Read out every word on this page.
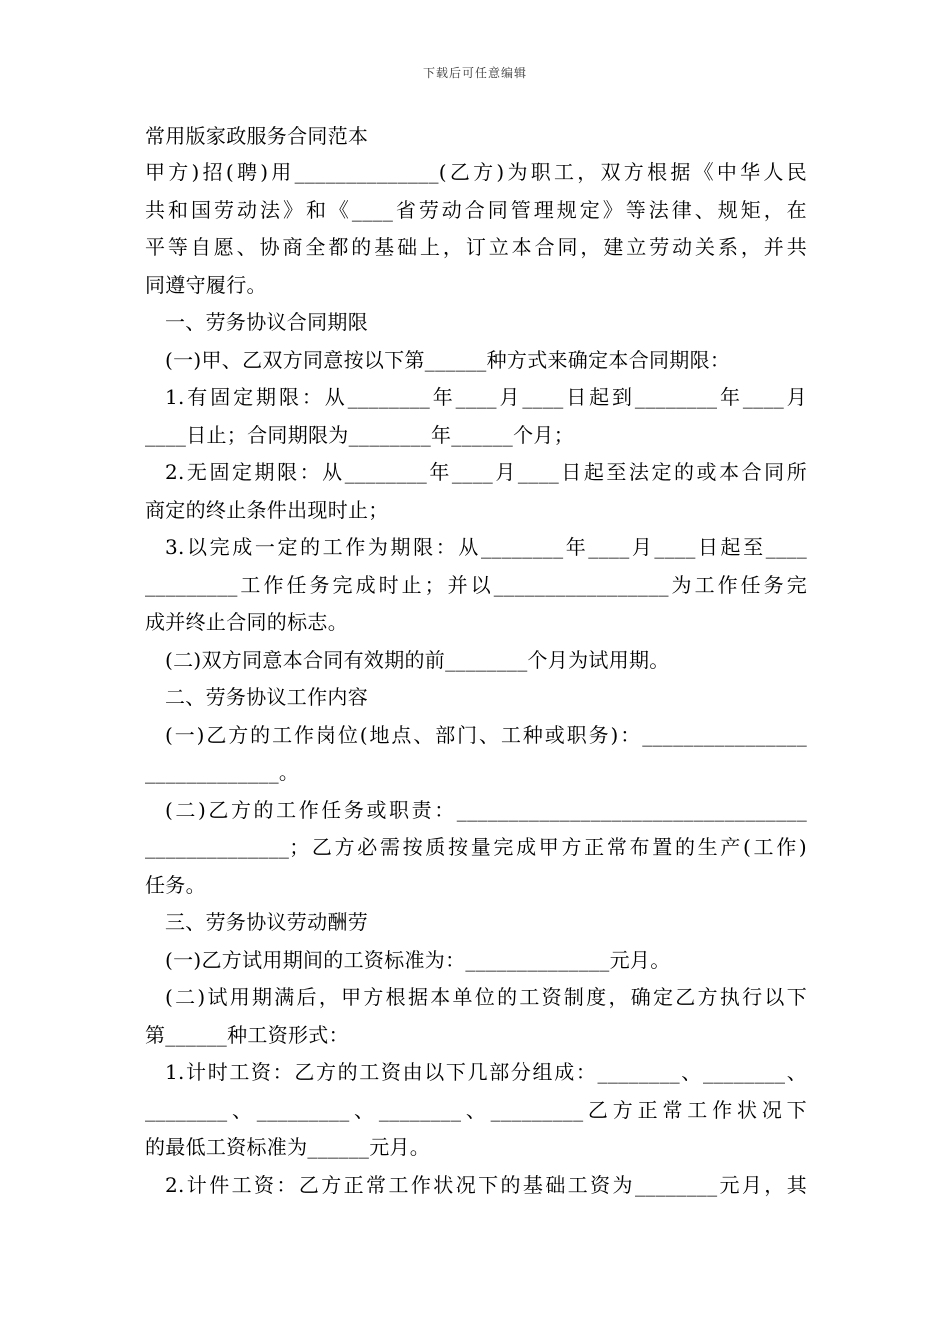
下载后可任意编辑
常用版家政服务合同范本
甲方)招(聘)用______________(乙方)为职工，双方根据《中华人民
共和国劳动法》和《____省劳动合同管理规定》等法律、规矩，在
平等自愿、协商全都的基础上，订立本合同，建立劳动关系，并共
同遵守履行。
一、劳务协议合同期限
(一)甲、乙双方同意按以下第______种方式来确定本合同期限：
1.有固定期限：从________年____月____日起到________年____月
____日止；合同期限为________年______个月；
2.无固定期限：从________年____月____日起至法定的或本合同所
商定的终止条件出现时止；
3.以完成一定的工作为期限：从________年____月____日起至____
_________工作任务完成时止；并以_________________为工作任务完
成并终止合同的标志。
(二)双方同意本合同有效期的前________个月为试用期。
二、劳务协议工作内容
(一)乙方的工作岗位(地点、部门、工种或职务)：________________
_____________。
(二)乙方的工作任务或职责：__________________________________
______________；乙方必需按质按量完成甲方正常布置的生产(工作)
任务。
三、劳务协议劳动酬劳
(一)乙方试用期间的工资标准为：______________元月。
(二)试用期满后，甲方根据本单位的工资制度，确定乙方执行以下
第______种工资形式：
1.计时工资：乙方的工资由以下几部分组成：________、________、
________、_________、________、_________乙方正常工作状况下
的最低工资标准为______元月。
2.计件工资：乙方正常工作状况下的基础工资为________元月，其
